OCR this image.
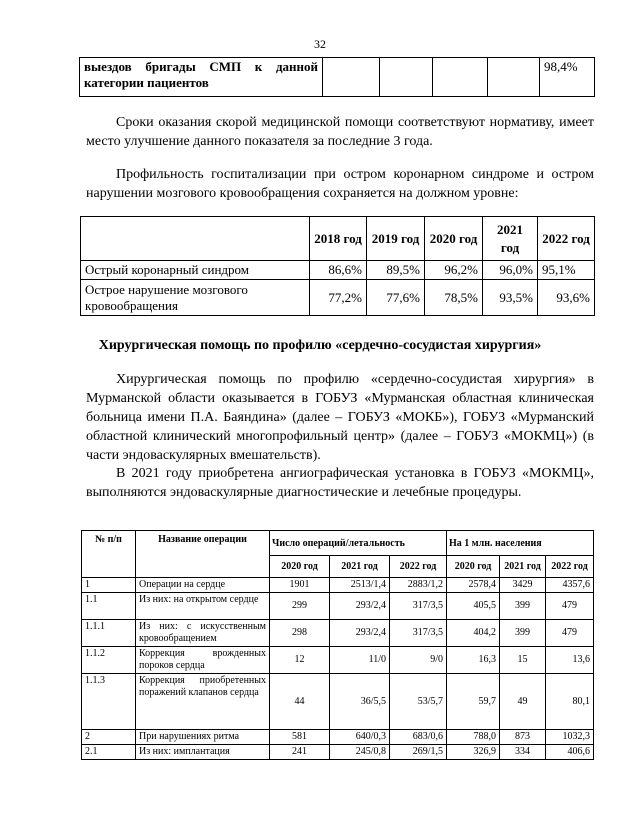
32
выездов бригады СМП к данной категории пациентов					98,4%

Сроки оказания скорой медицинской помощи соответствуют нормативу, имеет место улучшение данного показателя за последние 3 года.

Профильность госпитализации при остром коронарном синдроме и остром нарушении мозгового кровообращения сохраняется на должном уровне:

	2018 год	2019 год	2020 год	2021 год	2022 год
Острый коронарный синдром	86,6%	89,5%	96,2%	96,0%	95,1%
Острое нарушение мозгового кровообращения	77,2%	77,6%	78,5%	93,5%	93,6%
Хирургическая помощь по профилю «сердечно-сосудистая хирургия»

Хирургическая помощь по профилю «сердечно-сосудистая хирургия» в Мурманской области оказывается в ГОБУЗ «Мурманская областная клиническая больница имени П.А. Баяндина» (далее – ГОБУЗ «МОКБ»), ГОБУЗ «Мурманский областной клинический многопрофильный центр» (далее – ГОБУЗ «МОКМЦ») (в части эндоваскулярных вмешательств).

В 2021 году приобретена ангиографическая установка в ГОБУЗ «МОКМЦ», выполняются эндоваскулярные диагностические и лечебные процедуры.

№ п/п	Название операции	Число операций/летальность			На 1 млн. населения		
		2020 год	2021 год	2022 год	2020 год	2021 год	2022 год
1	Операции на сердце	1901	2513/1,4	2883/1,2	2578,4	3429	4357,6
1.1	Из них: на открытом сердце	299	293/2,4	317/3,5	405,5	399	479
1.1.1	Из них: с искусственным кровообращением	298	293/2,4	317/3,5	404,2	399	479
1.1.2	Коррекция врожденных пороков сердца	12	11/0	9/0	16,3	15	13,6
1.1.3	Коррекция приобретенных поражений клапанов сердца	44	36/5,5	53/5,7	59,7	49	80,1
2	При нарушениях ритма	581	640/0,3	683/0,6	788,0	873	1032,3
2.1	Из них: имплантация	241	245/0,8	269/1,5	326,9	334	406,6
